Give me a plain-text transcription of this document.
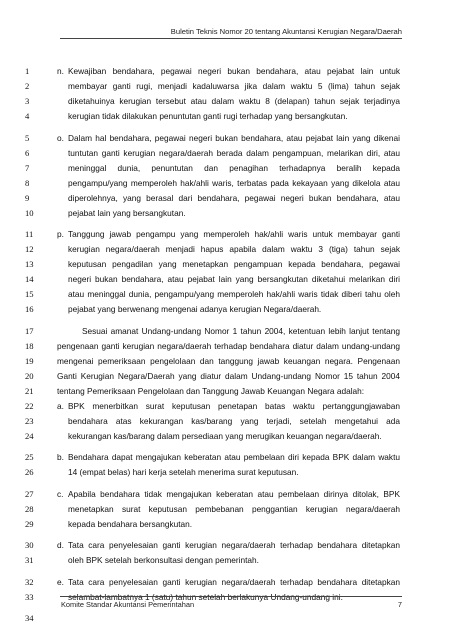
Buletin Teknis Nomor 20 tentang Akuntansi Kerugian Negara/Daerah
1	n. Kewajiban bendahara, pegawai negeri bukan bendahara, atau pejabat lain untuk
2	membayar ganti rugi, menjadi kadaluwarsa jika dalam waktu 5 (lima) tahun sejak
3	diketahuinya kerugian tersebut atau dalam waktu 8 (delapan) tahun sejak terjadinya
4	kerugian tidak dilakukan penuntutan ganti rugi terhadap yang bersangkutan.
5	o. Dalam hal bendahara, pegawai negeri bukan bendahara, atau pejabat lain yang dikenai
6	tuntutan ganti kerugian negara/daerah berada dalam pengampuan, melarikan diri, atau
7	meninggal dunia, penuntutan dan penagihan terhadapnya beralih kepada
8	pengampu/yang memperoleh hak/ahli waris, terbatas pada kekayaan yang dikelola atau
9	diperolehnya, yang berasal dari bendahara, pegawai negeri bukan bendahara, atau
10	pejabat lain yang bersangkutan.
11	p. Tanggung jawab pengampu yang memperoleh hak/ahli waris untuk membayar ganti
12	kerugian negara/daerah menjadi hapus apabila dalam waktu 3 (tiga) tahun sejak
13	keputusan pengadilan yang menetapkan pengampuan kepada bendahara, pegawai
14	negeri bukan bendahara, atau pejabat lain yang bersangkutan diketahui melarikan diri
15	atau meninggal dunia, pengampu/yang memperoleh hak/ahli waris tidak diberi tahu oleh
16	pejabat yang berwenang mengenai adanya kerugian Negara/daerah.
17	Sesuai amanat Undang-undang Nomor 1 tahun 2004, ketentuan lebih lanjut tentang
18	pengenaan ganti kerugian negara/daerah terhadap bendahara diatur dalam undang-undang
19	mengenai pemeriksaan pengelolaan dan tanggung jawab keuangan negara. Pengenaan
20	Ganti Kerugian Negara/Daerah yang diatur dalam Undang-undang Nomor 15 tahun 2004
21	tentang Pemeriksaan Pengelolaan dan Tanggung Jawab Keuangan Negara adalah:
22	a. BPK menerbitkan surat keputusan penetapan batas waktu pertanggungjawaban
23	bendahara atas kekurangan kas/barang yang terjadi, setelah mengetahui ada
24	kekurangan kas/barang dalam persediaan yang merugikan keuangan negara/daerah.
25	b. Bendahara dapat mengajukan keberatan atau pembelaan diri kepada BPK dalam waktu
26	14 (empat belas) hari kerja setelah menerima surat keputusan.
27	c. Apabila bendahara tidak mengajukan keberatan atau pembelaan dirinya ditolak, BPK
28	menetapkan surat keputusan pembebanan penggantian kerugian negara/daerah
29	kepada bendahara bersangkutan.
30	d. Tata cara penyelesaian ganti kerugian negara/daerah terhadap bendahara ditetapkan
31	oleh BPK setelah berkonsultasi dengan pemerintah.
32	e. Tata cara penyelesaian ganti kerugian negara/daerah terhadap bendahara ditetapkan
33	selambat-lambatnya 1 (satu) tahun setelah berlakunya Undang-undang ini.
34
Komite Standar Akuntansi Pemerintahan	7
